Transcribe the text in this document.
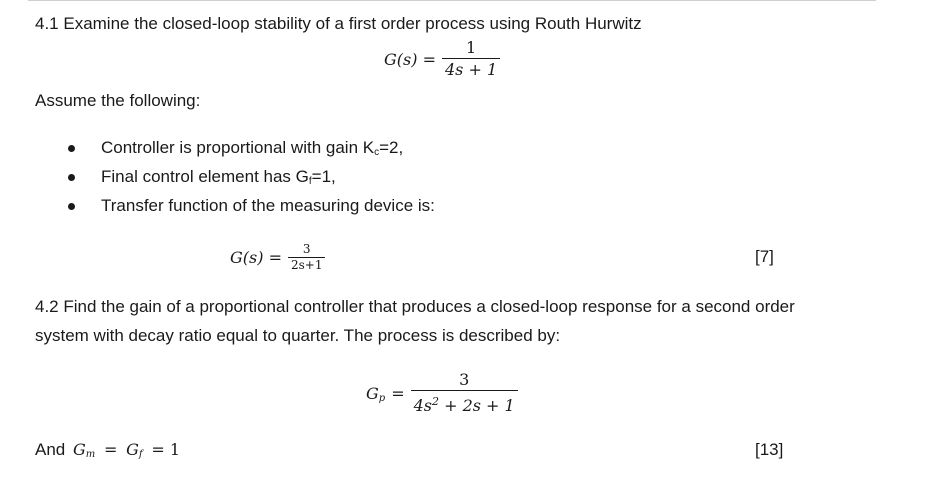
4.1 Examine the closed-loop stability of a first order process using Routh Hurwitz
$G(s) = \frac{1}{4s + 1}$
Assume the following:
Controller is proportional with gain $K_c=2$,
Final control element has $G_f=1$,
Transfer function of the measuring device is:
$G(s) = \frac{3}{2s+1}$	[7]
4.2 Find the gain of a proportional controller that produces a closed-loop response for a second order
system with decay ratio equal to quarter. The process is described by:
$G_p = \frac{3}{4s^2 + 2s + 1}$
And $G_m = G_f = 1$	[13]
